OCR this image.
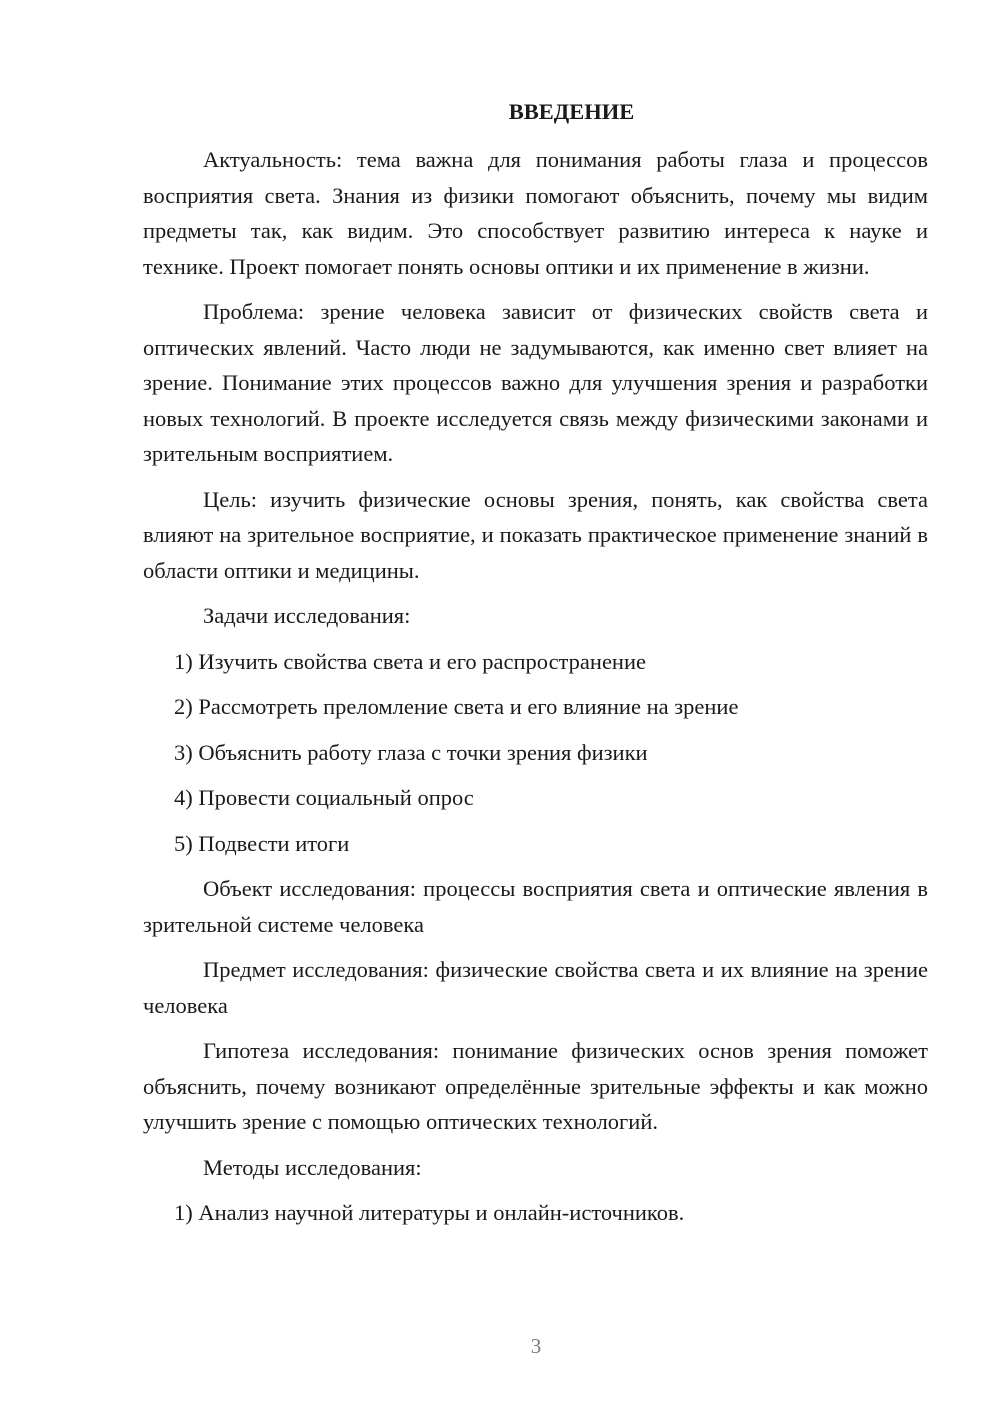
ВВЕДЕНИЕ

Актуальность: тема важна для понимания работы глаза и процессов восприятия света. Знания из физики помогают объяснить, почему мы видим предметы так, как видим. Это способствует развитию интереса к науке и технике. Проект помогает понять основы оптики и их применение в жизни.

Проблема: зрение человека зависит от физических свойств света и оптических явлений. Часто люди не задумываются, как именно свет влияет на зрение. Понимание этих процессов важно для улучшения зрения и разработки новых технологий. В проекте исследуется связь между физическими законами и зрительным восприятием.

Цель: изучить физические основы зрения, понять, как свойства света влияют на зрительное восприятие, и показать практическое применение знаний в области оптики и медицины.

Задачи исследования:

1) Изучить свойства света и его распространение

2) Рассмотреть преломление света и его влияние на зрение

3) Объяснить работу глаза с точки зрения физики

4) Провести социальный опрос

5) Подвести итоги

Объект исследования: процессы восприятия света и оптические явления в зрительной системе человека

Предмет исследования: физические свойства света и их влияние на зрение человека

Гипотеза исследования: понимание физических основ зрения поможет объяснить, почему возникают определённые зрительные эффекты и как можно улучшить зрение с помощью оптических технологий.

Методы исследования:

1) Анализ научной литературы и онлайн-источников.

3
